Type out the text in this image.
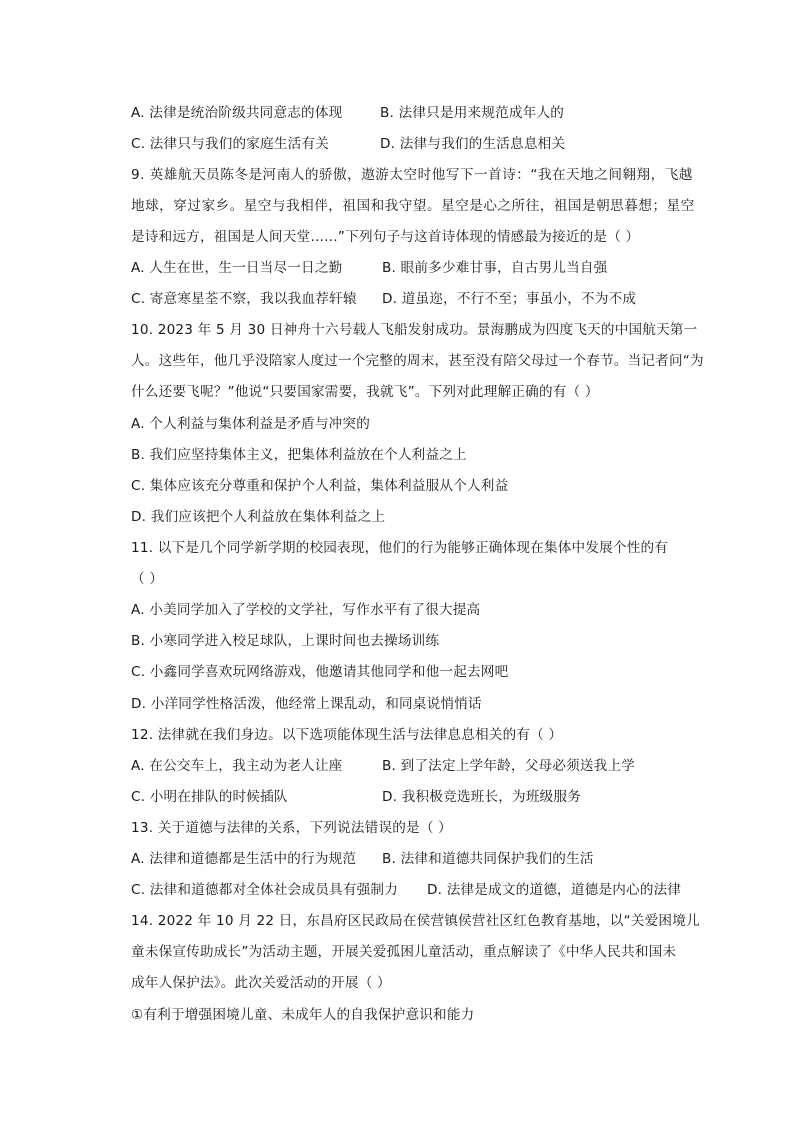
A. 法律是统治阶级共同意志的体现	B. 法律只是用来规范成年人的
C. 法律只与我们的家庭生活有关	D. 法律与我们的生活息息相关
9. 英雄航天员陈冬是河南人的骄傲，遨游太空时他写下一首诗：“我在天地之间翱翔，飞越
地球，穿过家乡。星空与我相伴，祖国和我守望。星空是心之所往，祖国是朝思暮想；星空
是诗和远方，祖国是人间天堂……”下列句子与这首诗体现的情感最为接近的是（ ）
A. 人生在世，生一日当尽一日之勤	B. 眼前多少难甘事，自古男儿当自强
C. 寄意寒星荃不察，我以我血荐轩辕 D. 道虽迩，不行不至；事虽小，不为不成
10. 2023 年 5 月 30 日神舟十六号载人飞船发射成功。景海鹏成为四度飞天的中国航天第一
人。这些年，他几乎没陪家人度过一个完整的周末，甚至没有陪父母过一个春节。当记者问“为
什么还要飞呢？”他说“只要国家需要，我就飞”。下列对此理解正确的有（ ）
A. 个人利益与集体利益是矛盾与冲突的
B. 我们应坚持集体主义，把集体利益放在个人利益之上
C. 集体应该充分尊重和保护个人利益，集体利益服从个人利益
D. 我们应该把个人利益放在集体利益之上
11. 以下是几个同学新学期的校园表现，他们的行为能够正确体现在集体中发展个性的有
（ ）
A. 小美同学加入了学校的文学社，写作水平有了很大提高
B. 小寒同学进入校足球队，上课时间也去操场训练
C. 小鑫同学喜欢玩网络游戏，他邀请其他同学和他一起去网吧
D. 小洋同学性格活泼，他经常上课乱动，和同桌说悄悄话
12. 法律就在我们身边。以下选项能体现生活与法律息息相关的有（ ）
A. 在公交车上，我主动为老人让座	B. 到了法定上学年龄，父母必须送我上学
C. 小明在排队的时候插队	D. 我积极竞选班长，为班级服务
13. 关于道德与法律的关系，下列说法错误的是（ ）
A. 法律和道德都是生活中的行为规范 B. 法律和道德共同保护我们的生活
C. 法律和道德都对全体社会成员具有强制力 D. 法律是成文的道德，道德是内心的法律
14. 2022 年 10 月 22 日，东昌府区民政局在侯营镇侯营社区红色教育基地，以“关爱困境儿
童未保宣传助成长”为活动主题，开展关爱孤困儿童活动，重点解读了《中华人民共和国未
成年人保护法》。此次关爱活动的开展（ ）
①有利于增强困境儿童、未成年人的自我保护意识和能力
